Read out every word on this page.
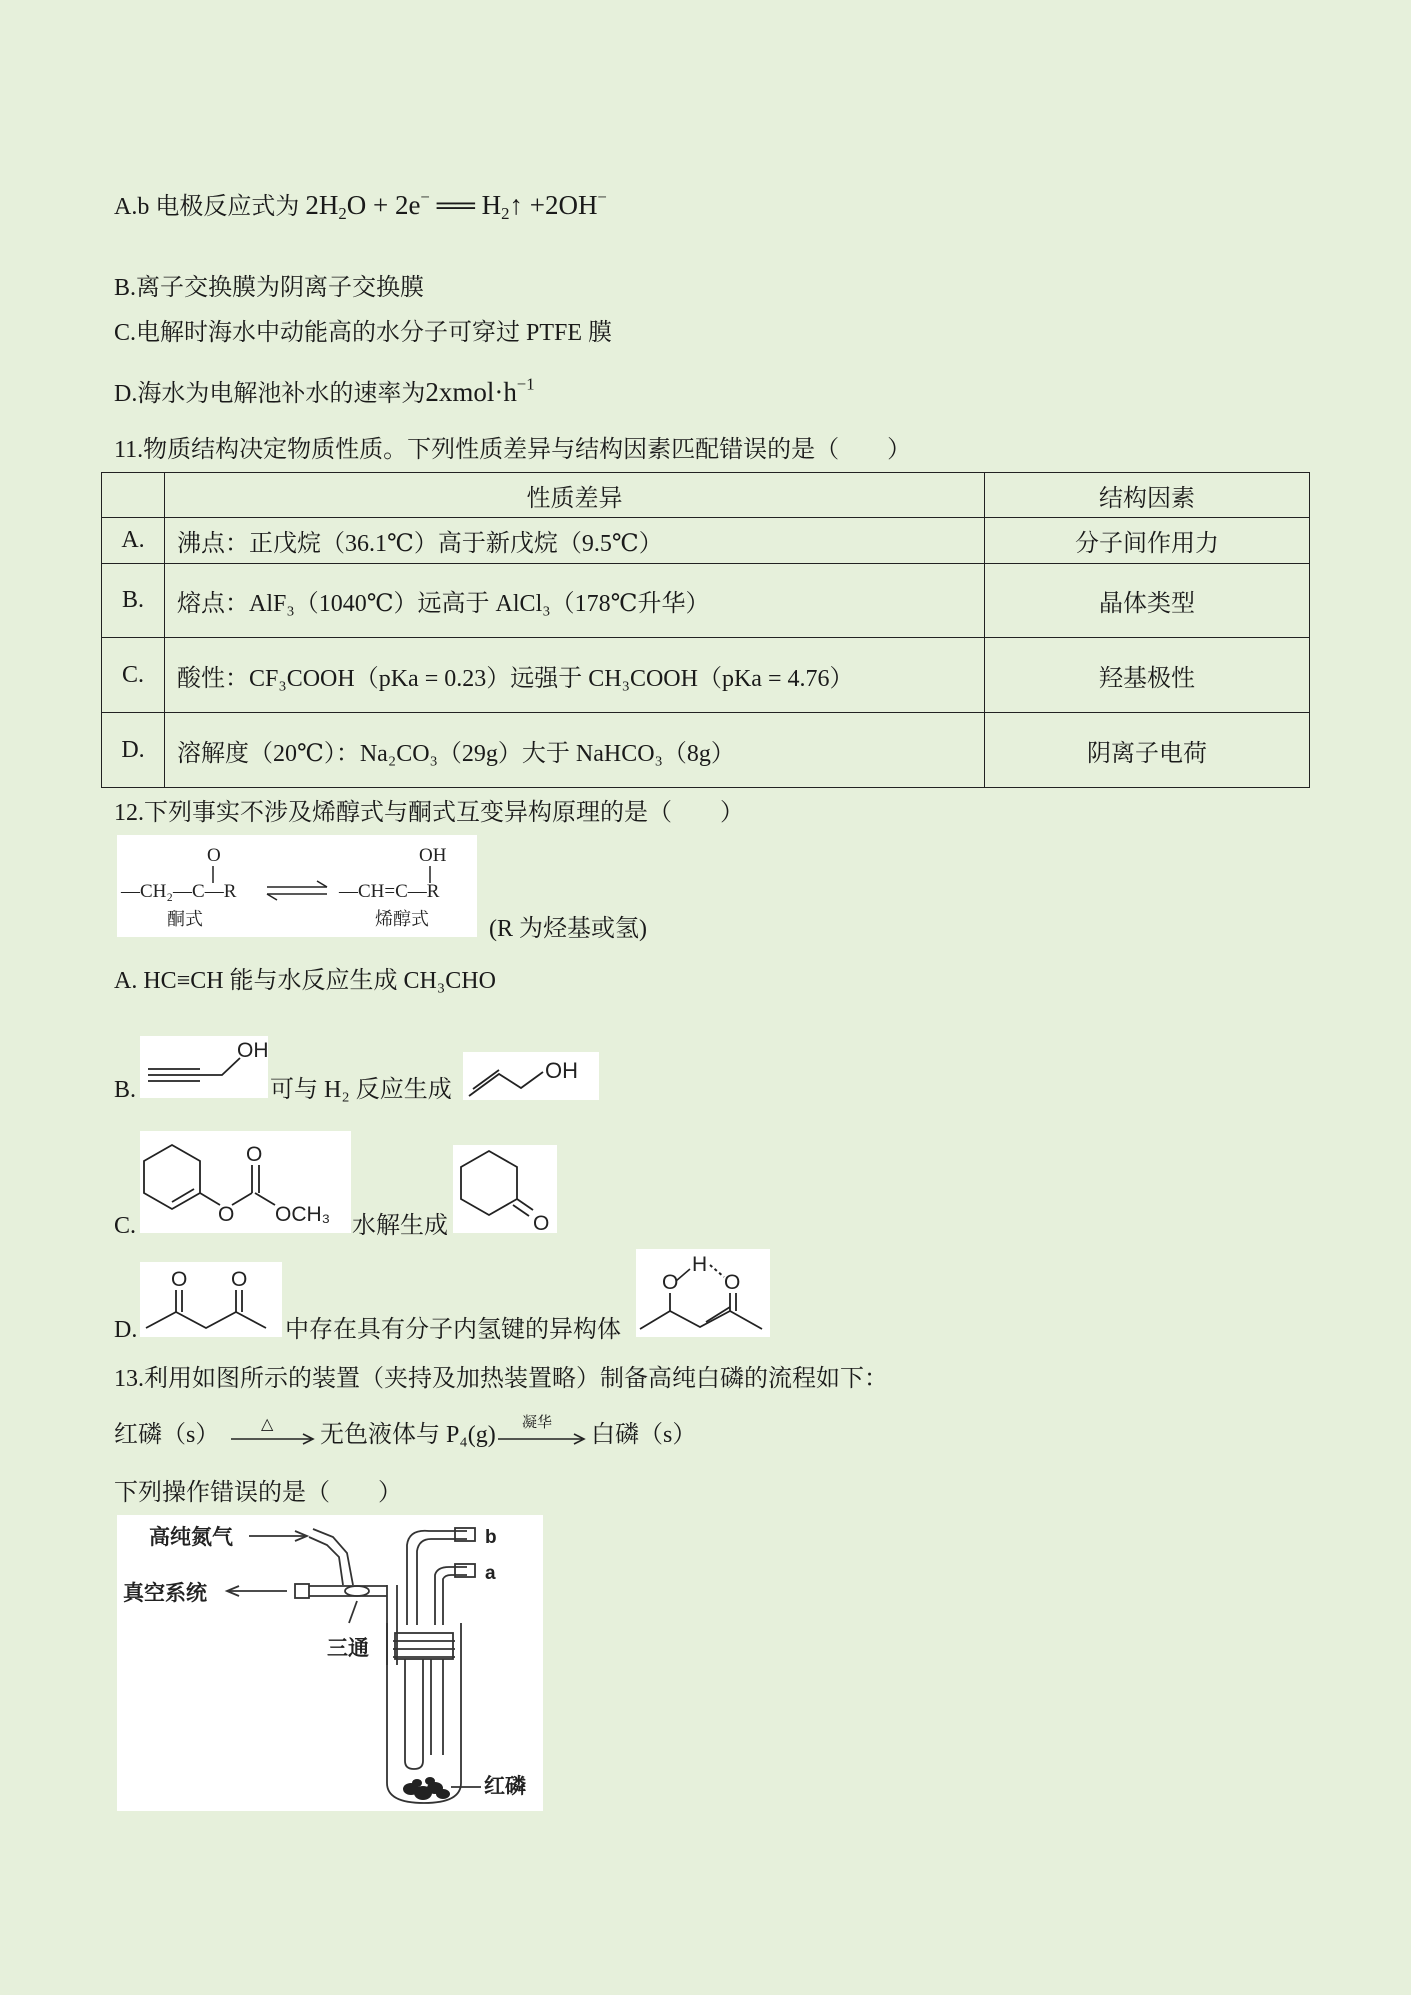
A.b 电极反应式为 $2H_2O + 2e^-$ ══ $H_2↑ +2OH^-$
B.离子交换膜为阴离子交换膜
C.电解时海水中动能高的水分子可穿过 PTFE 膜
D.海水为电解池补水的速率为$2xmol\cdot h^{-1}$
11.物质结构决定物质性质。下列性质差异与结构因素匹配错误的是（　　）
	性质差异	结构因素
A.	沸点：正戊烷（36.1℃）高于新戊烷（9.5℃）	分子间作用力
B.	熔点：AlF₃（1040℃）远高于 AlCl₃（178℃升华）	晶体类型
C.	酸性：CF₃COOH（pKa = 0.23）远强于 CH₃COOH（pKa = 4.76）	羟基极性
D.	溶解度（20℃）：Na₂CO₃（29g）大于 NaHCO₃（8g）	阴离子电荷
12.下列事实不涉及烯醇式与酮式互变异构原理的是（　　）
O
—CH₂—C—R
酮式
OH
—CH=C—R
烯醇式	(R 为烃基或氢)
A. HC≡CH 能与水反应生成 CH₃CHO
B.
OH
可与 H₂ 反应生成
OH
C.	O
O
OCH₃ 水解生成	O
D.
O O
中存在具有分子内氢键的异构体
O
H
O
13.利用如图所示的装置（夹持及加热装置略）制备高纯白磷的流程如下：
红磷（s）	△ 无色液体与 P₄(g) 凝华 白磷（s）
下列操作错误的是（　　）
高纯氮气
真空系统
三通
红磷
b
a
